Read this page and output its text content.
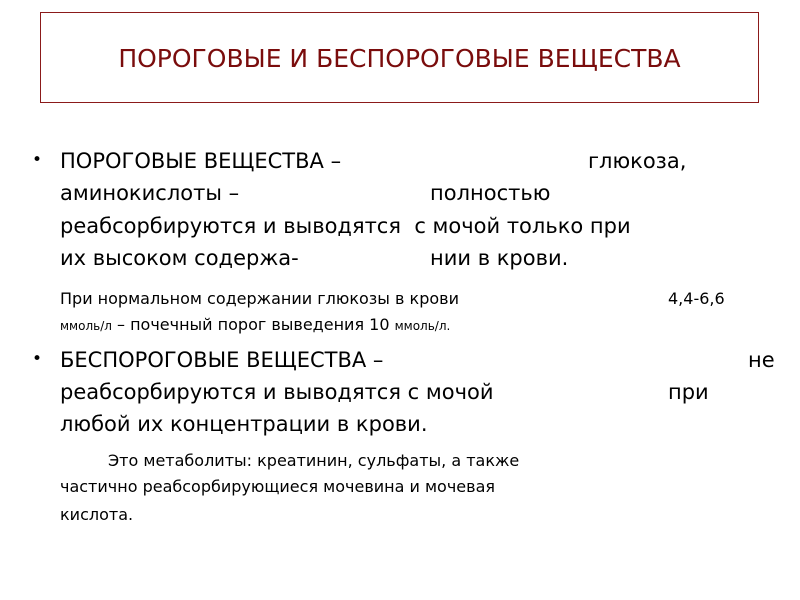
ПОРОГОВЫЕ И БЕСПОРОГОВЫЕ ВЕЩЕСТВА
• ПОРОГОВЫЕ ВЕЩЕСТВА –	глюкоза,
аминокислоты –	полностью
реабсорбируются и выводятся  с мочой только при
их высоком содержа-	нии в крови.
При нормальном содержании глюкозы в крови	4,4-6,6
ммоль/л – почечный порог выведения 10 ммоль/л.
• БЕСПОРОГОВЫЕ ВЕЩЕСТВА –	не
реабсорбируются и выводятся с мочой	при
любой их концентрации в крови.
Это метаболиты: креатинин, сульфаты, а также
частично реабсорбирующиеся мочевина и мочевая
кислота.
